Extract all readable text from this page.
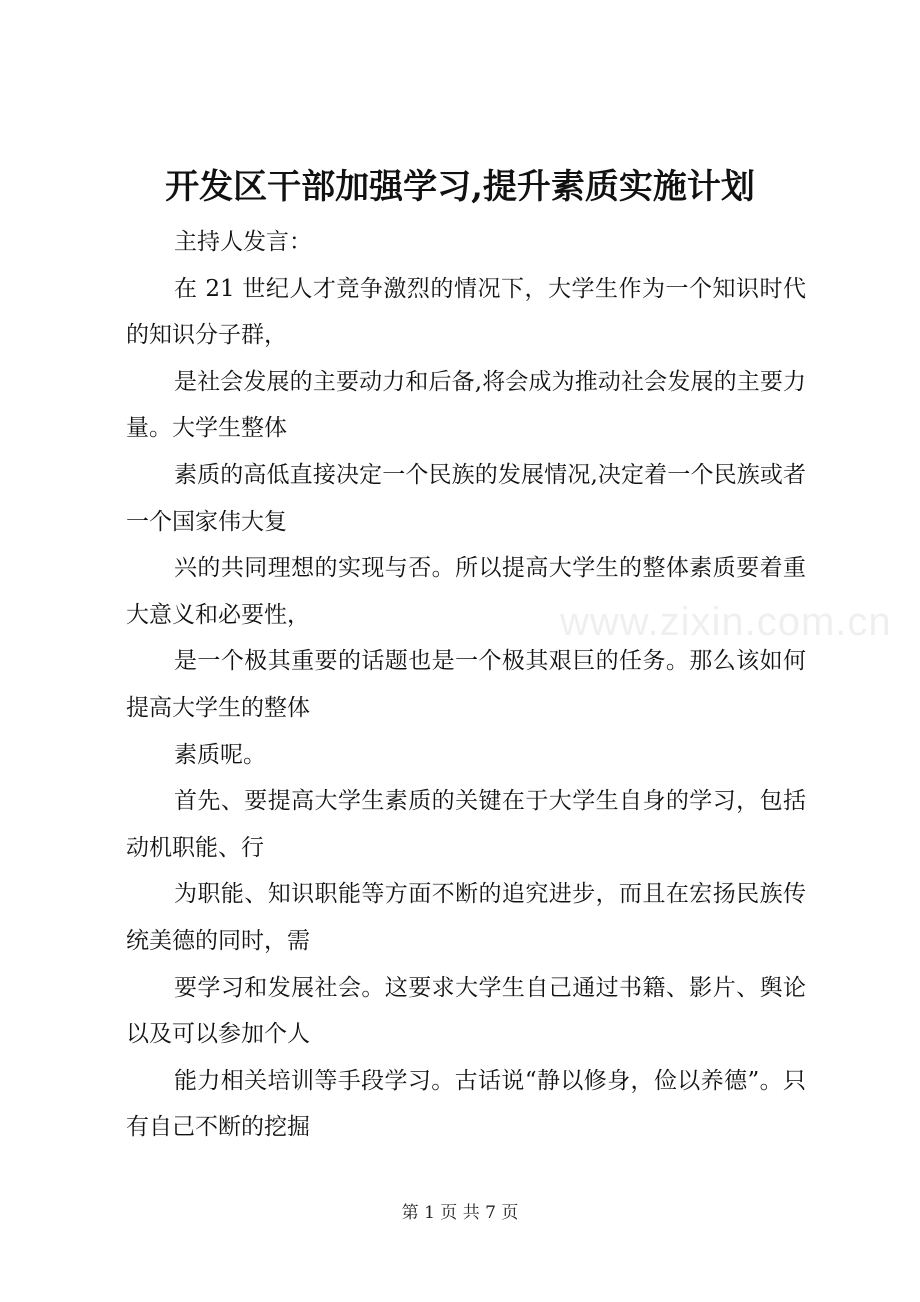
开发区干部加强学习,提升素质实施计划

主持人发言：

在 21 世纪人才竞争激烈的情况下，大学生作为一个知识时代的知识分子群，

是社会发展的主要动力和后备,将会成为推动社会发展的主要力量。大学生整体

素质的高低直接决定一个民族的发展情况,决定着一个民族或者一个国家伟大复

兴的共同理想的实现与否。所以提高大学生的整体素质要着重大意义和必要性，

是一个极其重要的话题也是一个极其艰巨的任务。那么该如何提高大学生的整体

素质呢。

首先、要提高大学生素质的关键在于大学生自身的学习，包括动机职能、行

为职能、知识职能等方面不断的追究进步，而且在宏扬民族传统美德的同时，需

要学习和发展社会。这要求大学生自己通过书籍、影片、舆论以及可以参加个人

能力相关培训等手段学习。古话说“静以修身，俭以养德”。只有自己不断的挖掘

www.zixin.com.cn
第 1 页 共 7 页
